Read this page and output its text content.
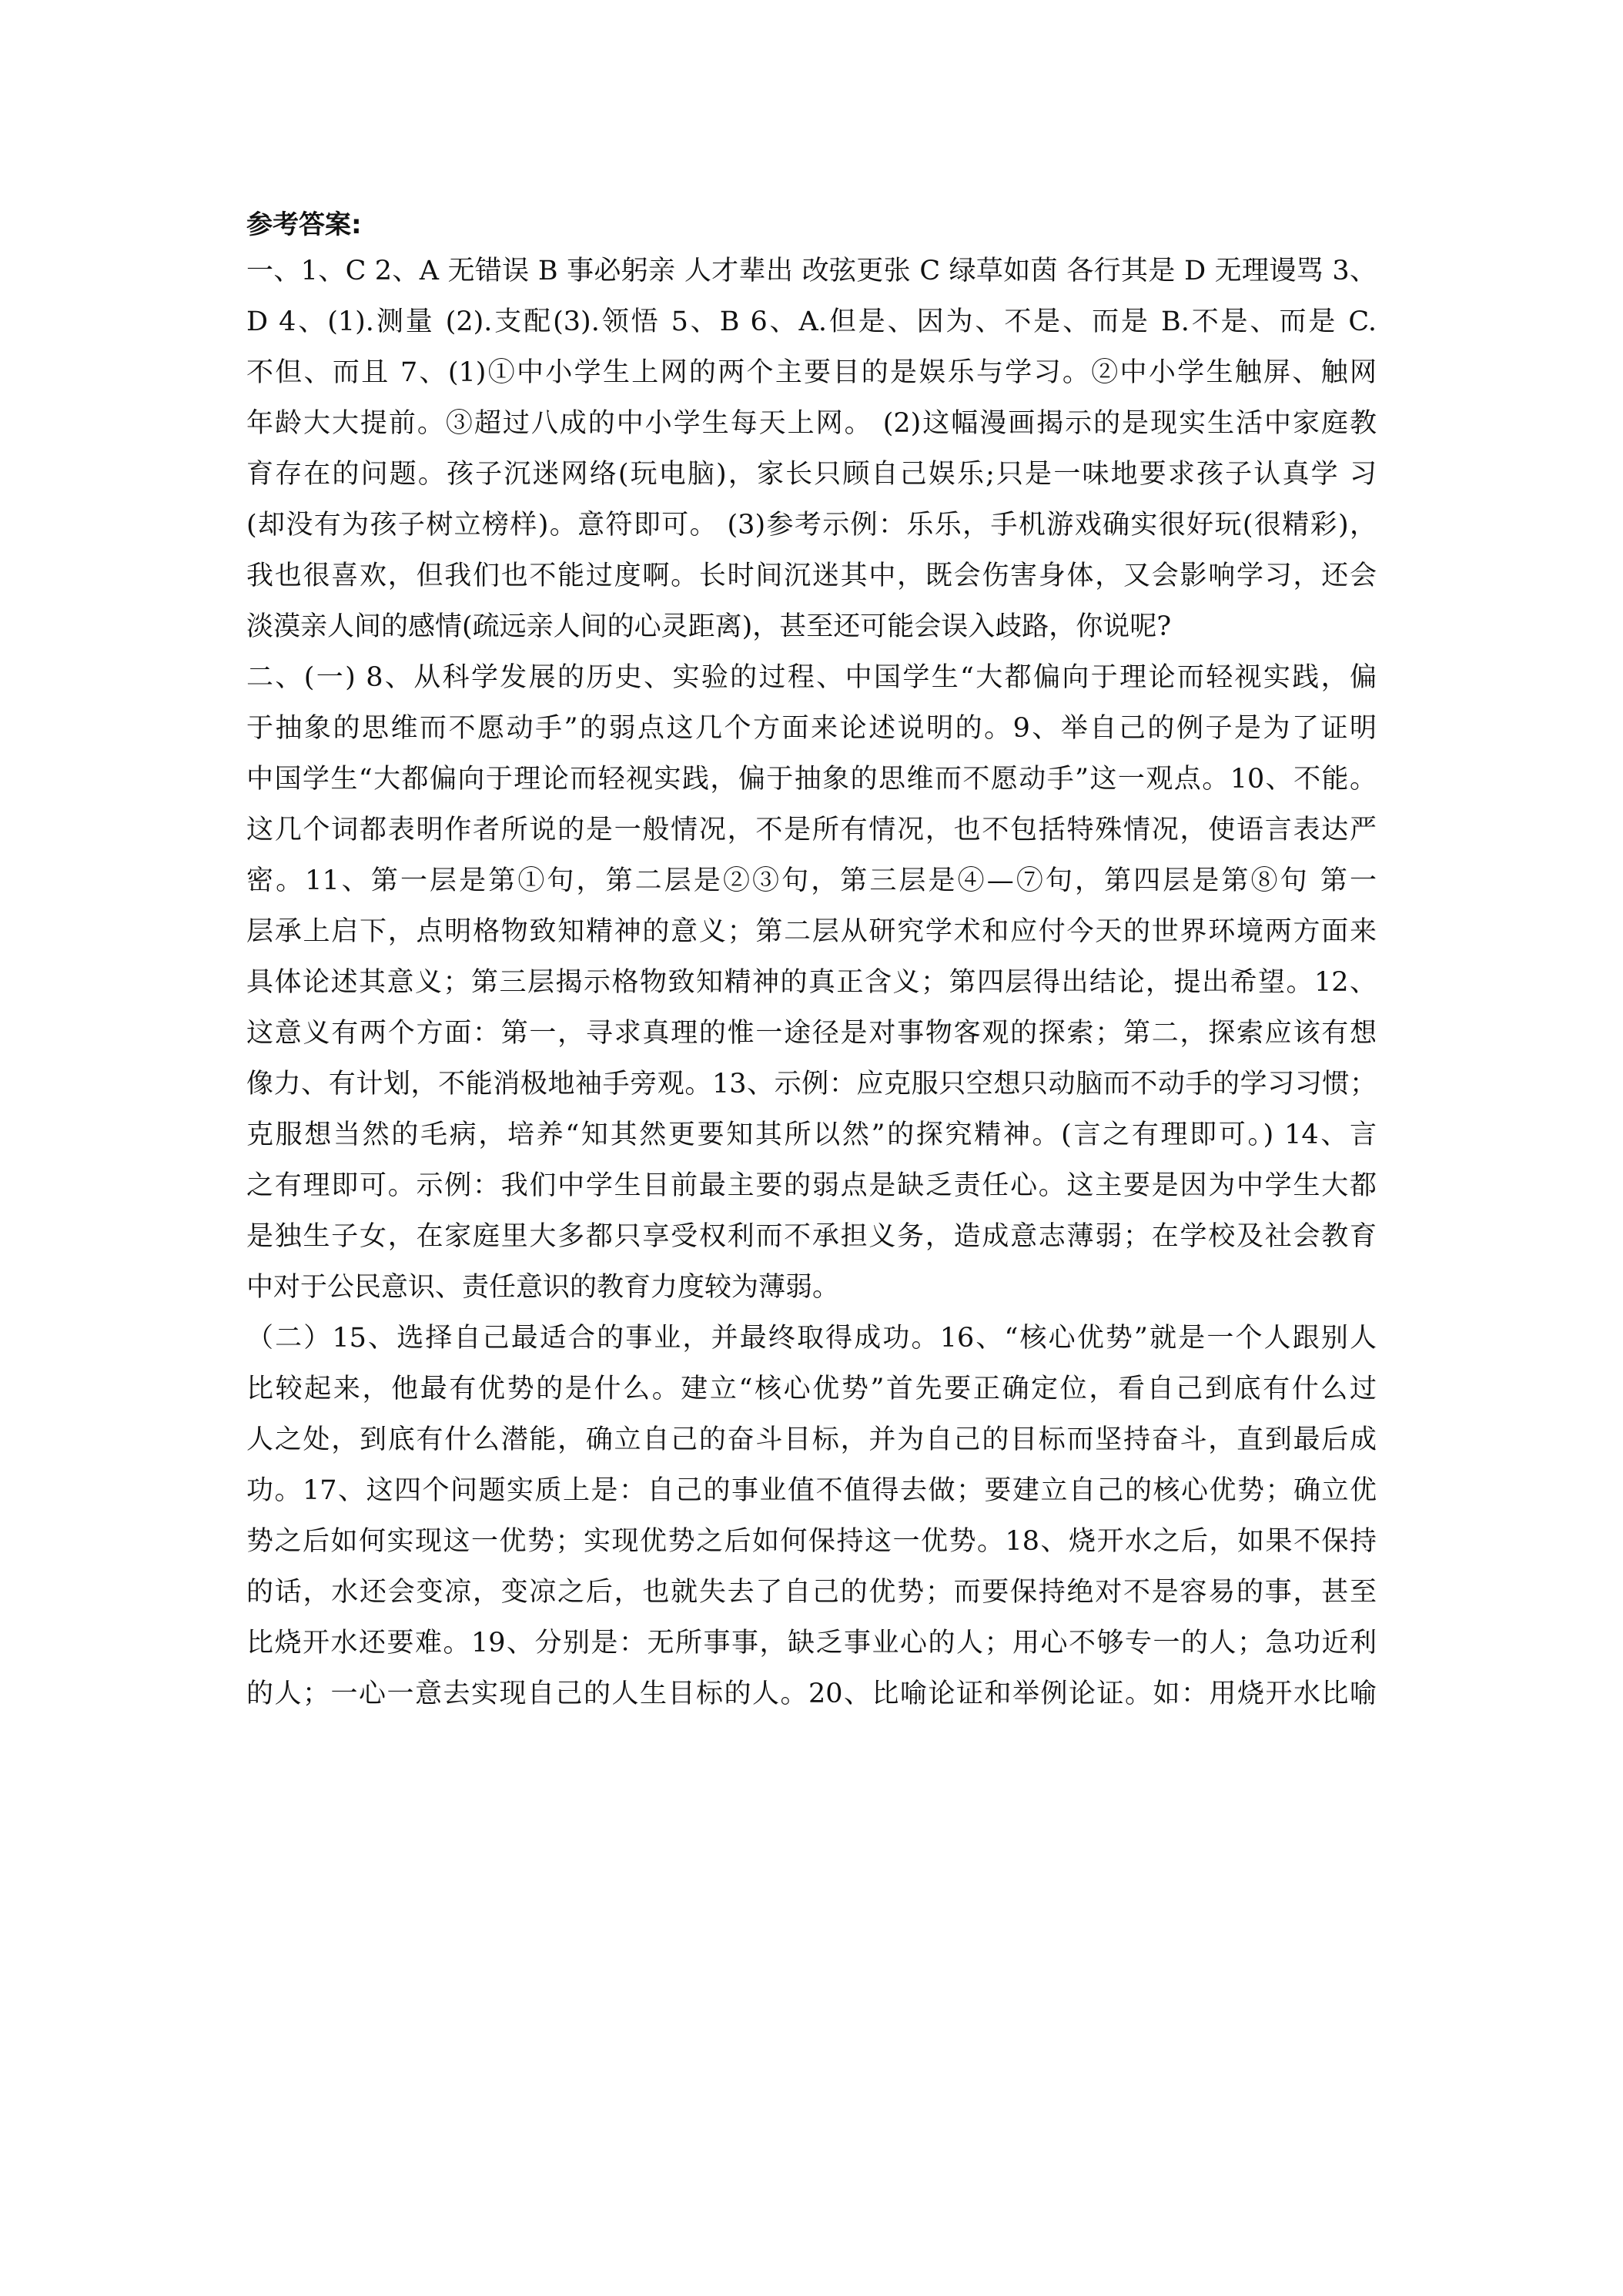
参考答案:
一、1、C 2、A 无错误 B 事必躬亲 人才辈出 改弦更张 C 绿草如茵 各行其是 D 无理谩骂 3、
D 4、(1).测量 (2).支配(3).领悟 5、B 6、A.但是、因为、不是、而是 B.不是、而是 C.
不但、而且 7、(1)①中小学生上网的两个主要目的是娱乐与学习。②中小学生触屏、触网
年龄大大提前。③超过八成的中小学生每天上网。 (2)这幅漫画揭示的是现实生活中家庭教
育存在的问题。孩子沉迷网络(玩电脑)，家长只顾自己娱乐;只是一味地要求孩子认真学 习
(却没有为孩子树立榜样)。意符即可。 (3)参考示例：乐乐，手机游戏确实很好玩(很精彩)，
我也很喜欢，但我们也不能过度啊。长时间沉迷其中，既会伤害身体，又会影响学习，还会
淡漠亲人间的感情(疏远亲人间的心灵距离)，甚至还可能会误入歧路，你说呢?
二、(一) 8、从科学发展的历史、实验的过程、中国学生“大都偏向于理论而轻视实践，偏
于抽象的思维而不愿动手”的弱点这几个方面来论述说明的。9、举自己的例子是为了证明
中国学生“大都偏向于理论而轻视实践，偏于抽象的思维而不愿动手”这一观点。10、不能。
这几个词都表明作者所说的是一般情况，不是所有情况，也不包括特殊情况，使语言表达严
密。11、第一层是第①句，第二层是②③句，第三层是④—⑦句，第四层是第⑧句 第一
层承上启下，点明格物致知精神的意义；第二层从研究学术和应付今天的世界环境两方面来
具体论述其意义；第三层揭示格物致知精神的真正含义；第四层得出结论，提出希望。12、
这意义有两个方面：第一，寻求真理的惟一途径是对事物客观的探索；第二，探索应该有想
像力、有计划，不能消极地袖手旁观。13、示例：应克服只空想只动脑而不动手的学习习惯；
克服想当然的毛病，培养“知其然更要知其所以然”的探究精神。(言之有理即可。) 14、言
之有理即可。示例：我们中学生目前最主要的弱点是缺乏责任心。这主要是因为中学生大都
是独生子女，在家庭里大多都只享受权利而不承担义务，造成意志薄弱；在学校及社会教育
中对于公民意识、责任意识的教育力度较为薄弱。
（二）15、选择自己最适合的事业，并最终取得成功。16、“核心优势”就是一个人跟别人
比较起来，他最有优势的是什么。建立“核心优势”首先要正确定位，看自己到底有什么过
人之处，到底有什么潜能，确立自己的奋斗目标，并为自己的目标而坚持奋斗，直到最后成
功。17、这四个问题实质上是：自己的事业值不值得去做；要建立自己的核心优势；确立优
势之后如何实现这一优势；实现优势之后如何保持这一优势。18、烧开水之后，如果不保持
的话，水还会变凉，变凉之后，也就失去了自己的优势；而要保持绝对不是容易的事，甚至
比烧开水还要难。19、分别是：无所事事，缺乏事业心的人；用心不够专一的人；急功近利
的人；一心一意去实现自己的人生目标的人。20、比喻论证和举例论证。如：用烧开水比喻
